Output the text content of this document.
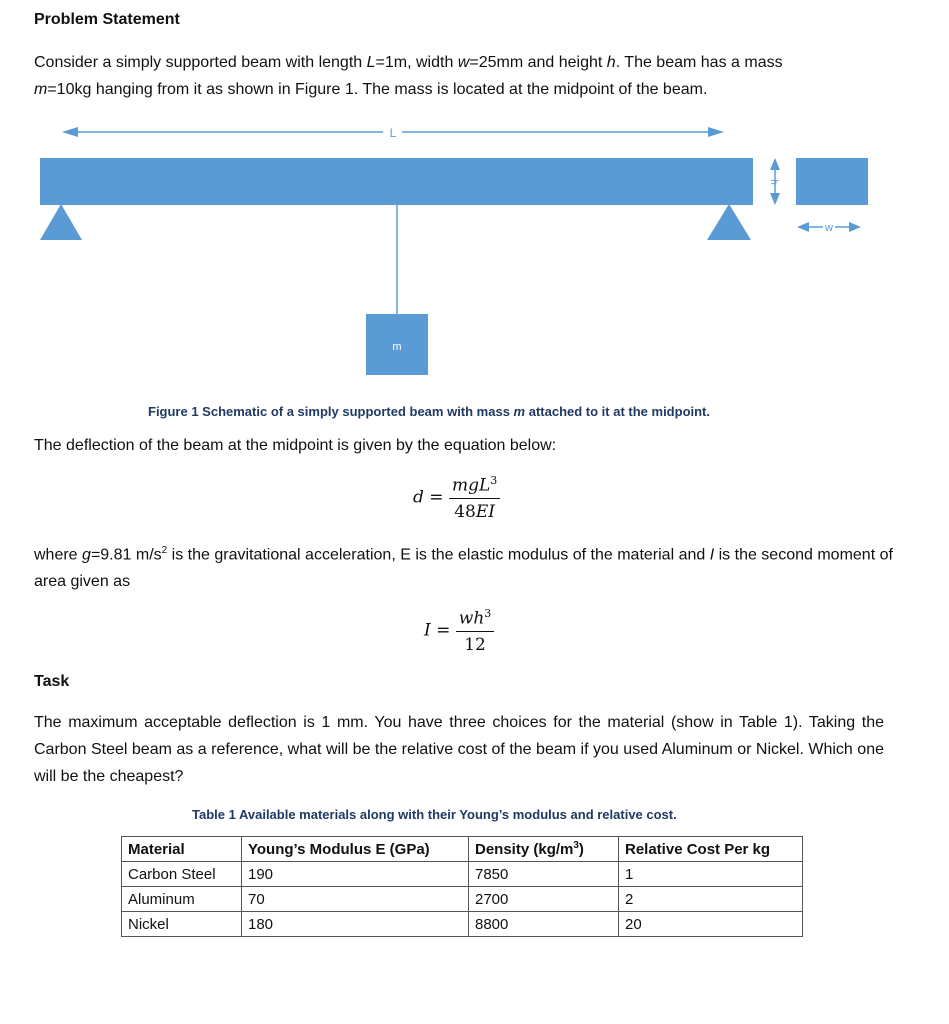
Problem Statement
Consider a simply supported beam with length L=1m, width w=25mm and height h. The beam has a mass
m=10kg hanging from it as shown in Figure 1. The mass is located at the midpoint of the beam.
L
m
h
w
Figure 1 Schematic of a simply supported beam with mass m attached to it at the midpoint.
The deflection of the beam at the midpoint is given by the equation below:
$d = \frac{mgL^3}{48EI}$
where g=9.81 $m/s^2$ is the gravitational acceleration, E is the elastic modulus of the material and I is the second moment of area given as
$I = \frac{wh^3}{12}$
Task
The maximum acceptable deflection is 1 mm. You have three choices for the material (show in Table 1). Taking the Carbon Steel beam as a reference, what will be the relative cost of the beam if you used Aluminum or Nickel. Which one will be the cheapest?
Table 1 Available materials along with their Young’s modulus and relative cost.
Material	Young’s Modulus E (GPa)	Density $(kg/m^3)$	Relative Cost Per kg
Carbon Steel	190	7850	1
Aluminum	70	2700	2
Nickel	180	8800	20
